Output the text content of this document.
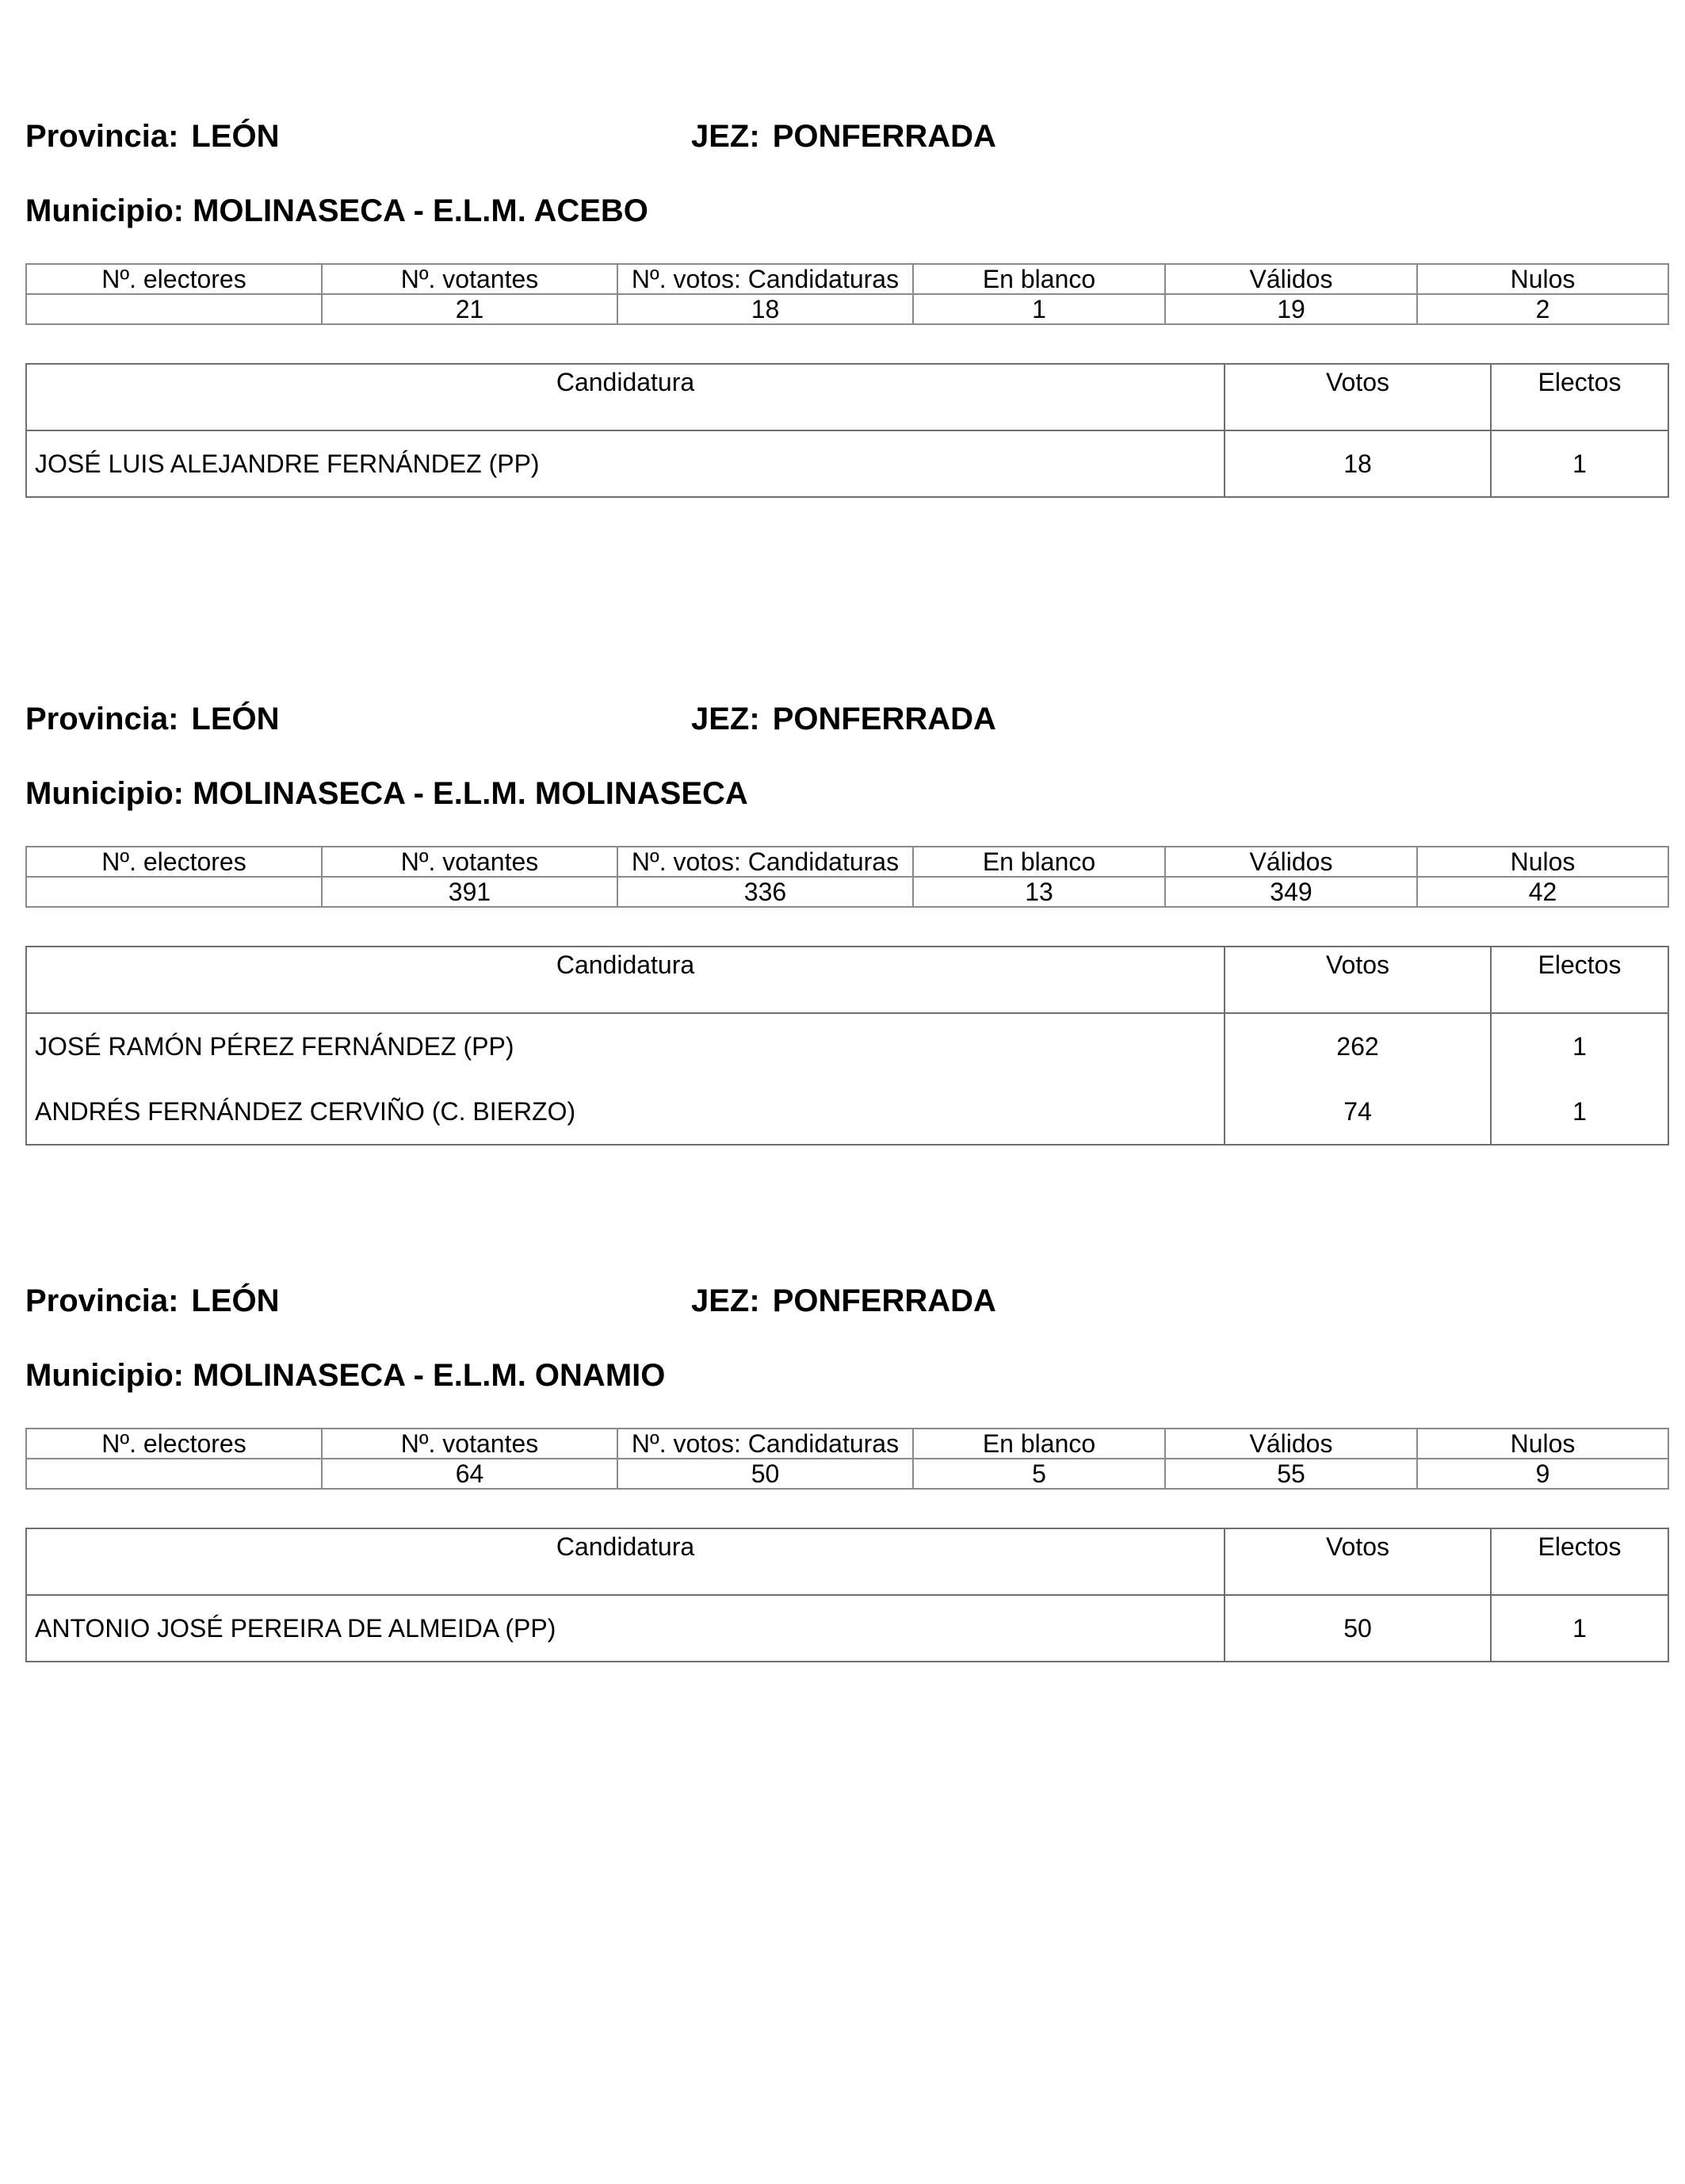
Provincia: LEÓN	JEZ: PONFERRADA
Municipio: MOLINASECA - E.L.M. ACEBO
Nº. electores	Nº. votantes	Nº. votos: Candidaturas	En blanco	Válidos	Nulos
	21	18	1	19	2
Candidatura	Votos	Electos
JOSÉ LUIS ALEJANDRE FERNÁNDEZ (PP)	18	1
Provincia: LEÓN	JEZ: PONFERRADA
Municipio: MOLINASECA - E.L.M. MOLINASECA
Nº. electores	Nº. votantes	Nº. votos: Candidaturas	En blanco	Válidos	Nulos
	391	336	13	349	42
Candidatura	Votos	Electos
JOSÉ RAMÓN PÉREZ FERNÁNDEZ (PP)	262	1
ANDRÉS FERNÁNDEZ CERVIÑO (C. BIERZO)	74	1
Provincia: LEÓN	JEZ: PONFERRADA
Municipio: MOLINASECA - E.L.M. ONAMIO
Nº. electores	Nº. votantes	Nº. votos: Candidaturas	En blanco	Válidos	Nulos
	64	50	5	55	9
Candidatura	Votos	Electos
ANTONIO JOSÉ PEREIRA DE ALMEIDA (PP)	50	1
